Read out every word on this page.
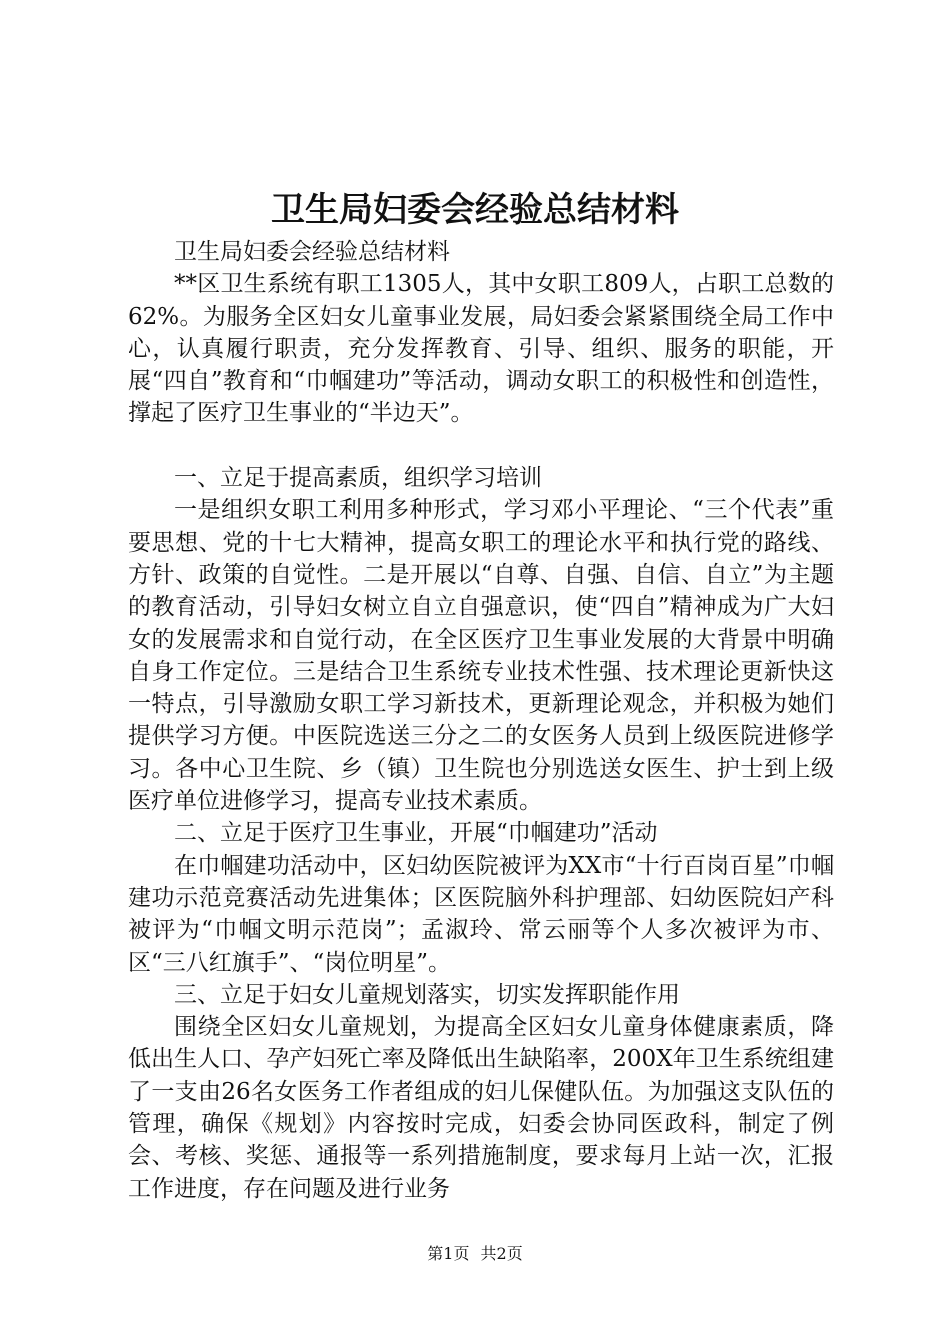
卫生局妇委会经验总结材料

卫生局妇委会经验总结材料

**区卫生系统有职工1305人，其中女职工809人，占职工总数的62%。为服务全区妇女儿童事业发展，局妇委会紧紧围绕全局工作中心，认真履行职责，充分发挥教育、引导、组织、服务的职能，开展“四自”教育和“巾帼建功”等活动，调动女职工的积极性和创造性，撑起了医疗卫生事业的“半边天”。

一、立足于提高素质，组织学习培训

一是组织女职工利用多种形式，学习邓小平理论、“三个代表”重要思想、党的十七大精神，提高女职工的理论水平和执行党的路线、方针、政策的自觉性。二是开展以“自尊、自强、自信、自立”为主题的教育活动，引导妇女树立自立自强意识，使“四自”精神成为广大妇女的发展需求和自觉行动，在全区医疗卫生事业发展的大背景中明确自身工作定位。三是结合卫生系统专业技术性强、技术理论更新快这一特点，引导激励女职工学习新技术，更新理论观念，并积极为她们提供学习方便。中医院选送三分之二的女医务人员到上级医院进修学习。各中心卫生院、乡（镇）卫生院也分别选送女医生、护士到上级医疗单位进修学习，提高专业技术素质。

二、立足于医疗卫生事业，开展“巾帼建功”活动

在巾帼建功活动中，区妇幼医院被评为XX市“十行百岗百星”巾帼建功示范竞赛活动先进集体；区医院脑外科护理部、妇幼医院妇产科被评为“巾帼文明示范岗”；孟淑玲、常云丽等个人多次被评为市、区“三八红旗手”、“岗位明星”。

三、立足于妇女儿童规划落实，切实发挥职能作用

围绕全区妇女儿童规划，为提高全区妇女儿童身体健康素质，降低出生人口、孕产妇死亡率及降低出生缺陷率，200X年卫生系统组建了一支由26名女医务工作者组成的妇儿保健队伍。为加强这支队伍的管理，确保《规划》内容按时完成，妇委会协同医政科，制定了例会、考核、奖惩、通报等一系列措施制度，要求每月上站一次，汇报工作进度，存在问题及进行业务

第1页 共2页
